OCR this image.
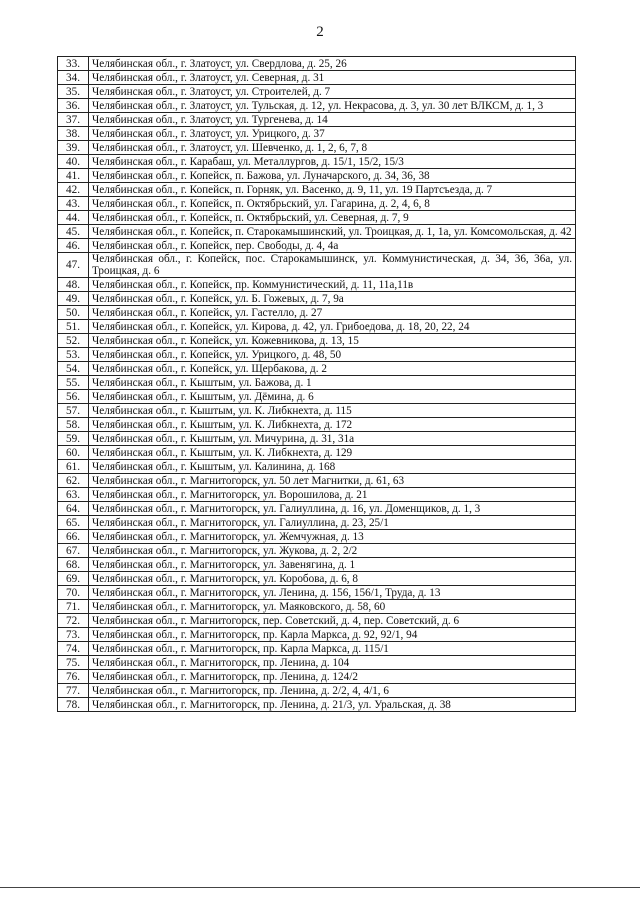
2
33.	Челябинская обл., г. Златоуст, ул. Свердлова, д. 25, 26
34.	Челябинская обл., г. Златоуст, ул. Северная, д. 31
35.	Челябинская обл., г. Златоуст, ул. Строителей, д. 7
36.	Челябинская обл., г. Златоуст, ул. Тульская, д. 12, ул. Некрасова, д. 3, ул. 30 лет ВЛКСМ, д. 1, 3
37.	Челябинская обл., г. Златоуст, ул. Тургенева, д. 14
38.	Челябинская обл., г. Златоуст, ул. Урицкого, д. 37
39.	Челябинская обл., г. Златоуст, ул. Шевченко, д. 1, 2, 6, 7, 8
40.	Челябинская обл., г. Карабаш, ул. Металлургов, д. 15/1, 15/2, 15/3
41.	Челябинская обл., г. Копейск, п. Бажова, ул. Луначарского, д. 34, 36, 38
42.	Челябинская обл., г. Копейск, п. Горняк, ул. Васенко, д. 9, 11, ул. 19 Партсъезда, д. 7
43.	Челябинская обл., г. Копейск, п. Октябрьский, ул. Гагарина, д. 2, 4, 6, 8
44.	Челябинская обл., г. Копейск, п. Октябрьский, ул. Северная, д. 7, 9
45.	Челябинская обл., г. Копейск, п. Старокамышинский, ул. Троицкая, д. 1, 1а, ул. Комсомольская, д. 42
46.	Челябинская обл., г. Копейск, пер. Свободы, д. 4, 4а
47.	Челябинская обл., г. Копейск, пос. Старокамышинск, ул. Коммунистическая, д. 34, 36, 36а, ул. Троицкая, д. 6
48.	Челябинская обл., г. Копейск, пр. Коммунистический, д. 11, 11а,11в
49.	Челябинская обл., г. Копейск, ул. Б. Гожевых, д. 7, 9а
50.	Челябинская обл., г. Копейск, ул. Гастелло, д. 27
51.	Челябинская обл., г. Копейск, ул. Кирова, д. 42, ул. Грибоедова, д. 18, 20, 22, 24
52.	Челябинская обл., г. Копейск, ул. Кожевникова, д. 13, 15
53.	Челябинская обл., г. Копейск, ул. Урицкого, д. 48, 50
54.	Челябинская обл., г. Копейск, ул. Щербакова, д. 2
55.	Челябинская обл., г. Кыштым, ул. Бажова, д. 1
56.	Челябинская обл., г. Кыштым, ул. Дёмина, д. 6
57.	Челябинская обл., г. Кыштым, ул. К. Либкнехта, д. 115
58.	Челябинская обл., г. Кыштым, ул. К. Либкнехта, д. 172
59.	Челябинская обл., г. Кыштым, ул. Мичурина, д. 31, 31а
60.	Челябинская обл., г. Кыштым, ул. К. Либкнехта, д. 129
61.	Челябинская обл., г. Кыштым, ул. Калинина, д. 168
62.	Челябинская обл., г. Магнитогорск, ул. 50 лет Магнитки, д. 61, 63
63.	Челябинская обл., г. Магнитогорск, ул. Ворошилова, д. 21
64.	Челябинская обл., г. Магнитогорск, ул. Галиуллина, д. 16, ул. Доменщиков, д. 1, 3
65.	Челябинская обл., г. Магнитогорск, ул. Галиуллина, д. 23, 25/1
66.	Челябинская обл., г. Магнитогорск, ул. Жемчужная, д. 13
67.	Челябинская обл., г. Магнитогорск, ул. Жукова, д. 2, 2/2
68.	Челябинская обл., г. Магнитогорск, ул. Завенягина, д. 1
69.	Челябинская обл., г. Магнитогорск, ул. Коробова, д. 6, 8
70.	Челябинская обл., г. Магнитогорск, ул. Ленина, д. 156, 156/1, Труда, д. 13
71.	Челябинская обл., г. Магнитогорск, ул. Маяковского, д. 58, 60
72.	Челябинская обл., г. Магнитогорск, пер. Советский, д. 4, пер. Советский, д. 6
73.	Челябинская обл., г. Магнитогорск, пр. Карла Маркса, д. 92, 92/1, 94
74.	Челябинская обл., г. Магнитогорск, пр. Карла Маркса, д. 115/1
75.	Челябинская обл., г. Магнитогорск, пр. Ленина, д. 104
76.	Челябинская обл., г. Магнитогорск, пр. Ленина, д. 124/2
77.	Челябинская обл., г. Магнитогорск, пр. Ленина, д. 2/2, 4, 4/1, 6
78.	Челябинская обл., г. Магнитогорск, пр. Ленина, д. 21/3, ул. Уральская, д. 38
